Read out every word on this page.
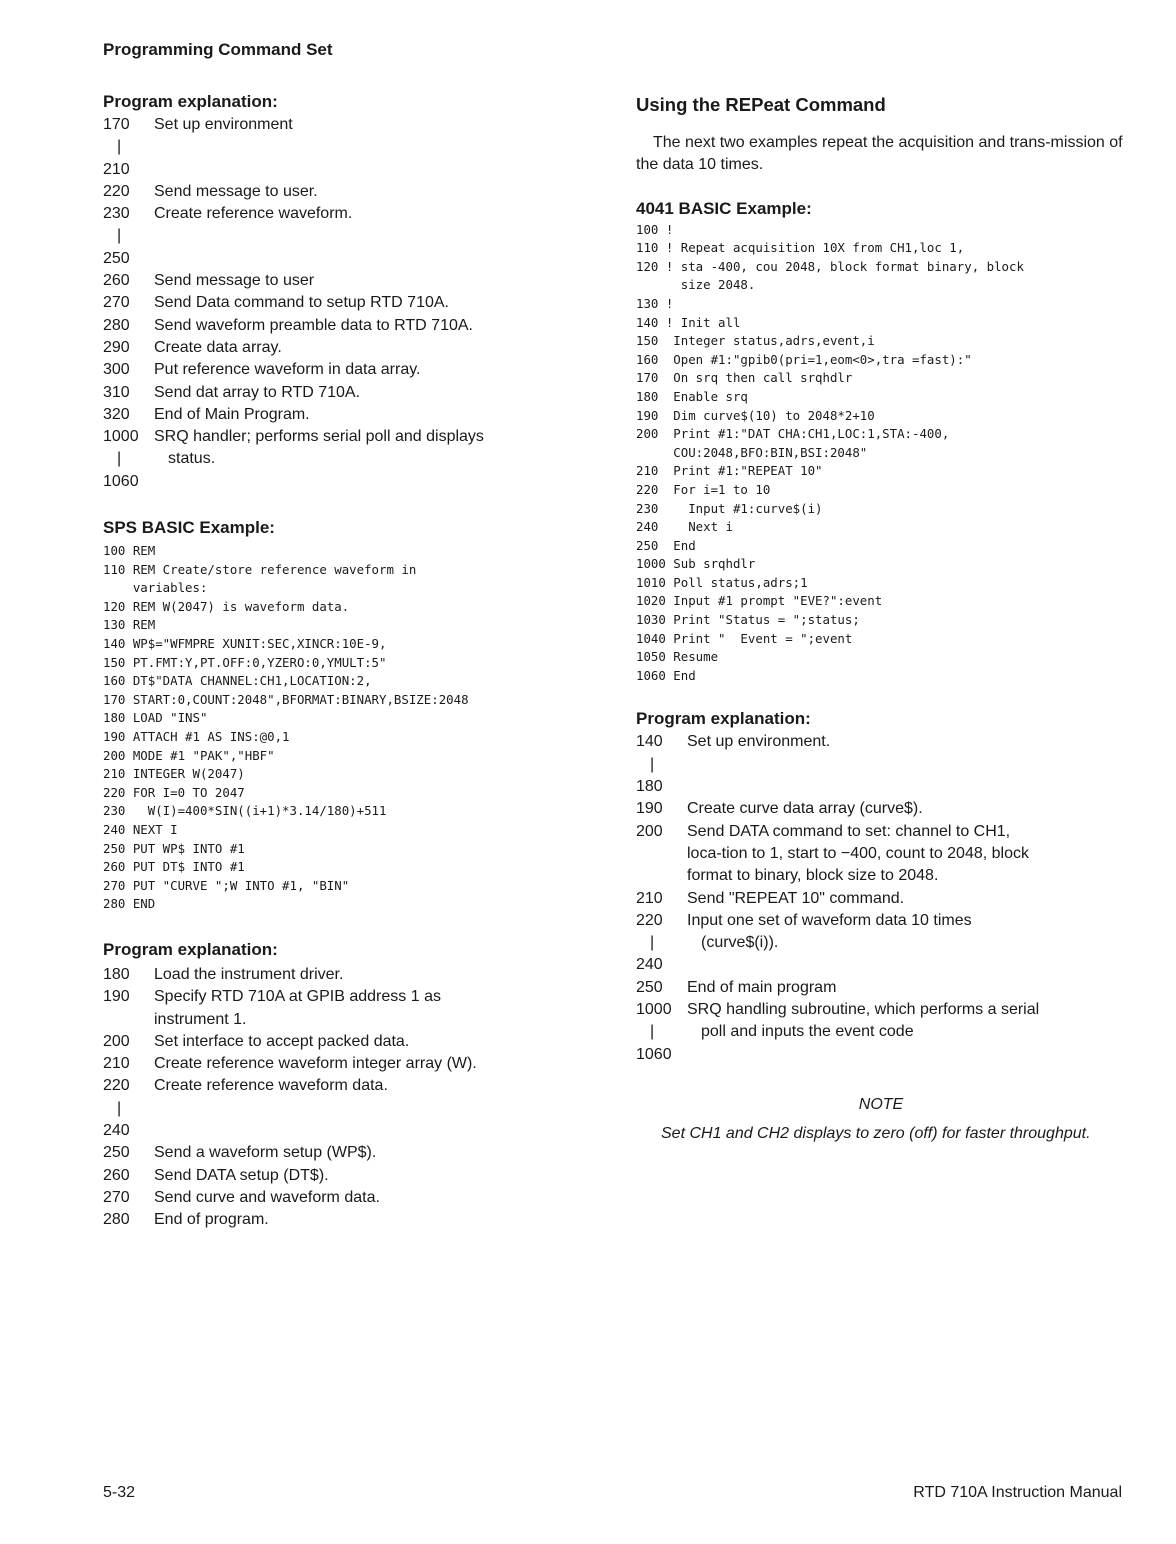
Programming Command Set
Program explanation:
170	Set up environment
|
210
220	Send message to user.
230	Create reference waveform.
|
250
260	Send message to user
270	Send Data command to setup RTD 710A.
280	Send waveform preamble data to RTD 710A.
290	Create data array.
300	Put reference waveform in data array.
310	Send dat array to RTD 710A.
320	End of Main Program.
1000 SRQ handler; performs serial poll and displays
|	status.
1060
SPS BASIC Example:
100 REM
110 REM Create/store reference waveform in
variables:
120 REM W(2047) is waveform data.
130 REM
140 WP$="WFMPRE XUNIT:SEC,XINCR:10E-9,
150 PT.FMT:Y,PT.OFF:0,YZERO:0,YMULT:5"
160 DT$"DATA CHANNEL:CH1,LOCATION:2,
170 START:0,COUNT:2048",BFORMAT:BINARY,BSIZE:2048
180 LOAD "INS"
190 ATTACH #1 AS INS:@0,1
200 MODE #1 "PAK","HBF"
210 INTEGER W(2047)
220 FOR I=0 TO 2047
230   W(I)=400*SIN((i+1)*3.14/180)+511
240 NEXT I
250 PUT WP$ INTO #1
260 PUT DT$ INTO #1
270 PUT "CURVE ";W INTO #1, "BIN"
280 END
Program explanation:
180	Load the instrument driver.
190	Specify RTD 710A at GPIB address 1 as
instrument 1.
200	Set interface to accept packed data.
210	Create reference waveform integer array (W).
220	Create reference waveform data.
|
240
250	Send a waveform setup (WP$).
260	Send DATA setup (DT$).
270	Send curve and waveform data.
280	End of program.
Using the REPeat Command

The next two examples repeat the acquisition and trans-mission of the data 10 times.

4041 BASIC Example:
100 !
110 ! Repeat acquisition 10X from CH1,loc 1,
120 ! sta -400, cou 2048, block format binary, block
size 2048.
130 !
140 ! Init all
150  Integer status,adrs,event,i
160  Open #1:"gpib0(pri=1,eom<0>,tra =fast):"
170  On srq then call srqhdlr
180  Enable srq
190  Dim curve$(10) to 2048*2+10
200  Print #1:"DAT CHA:CH1,LOC:1,STA:-400,
COU:2048,BFO:BIN,BSI:2048"
210  Print #1:"REPEAT 10"
220  For i=1 to 10
230    Input #1:curve$(i)
240    Next i
250  End
1000 Sub srqhdlr
1010 Poll status,adrs;1
1020 Input #1 prompt "EVE?":event
1030 Print "Status = ";status;
1040 Print "  Event = ";event
1050 Resume
1060 End
Program explanation:
140	Set up environment.
|
180
190	Create curve data array (curve$).
200	Send DATA command to set: channel to CH1,
loca-tion to 1, start to −400, count to 2048, block
format to binary, block size to 2048.
210	Send "REPEAT 10" command.
220	Input one set of waveform data 10 times
|	(curve$(i)).
240
250	End of main program
1000 SRQ handling subroutine, which performs a serial
|	poll and inputs the event code
1060

NOTE

Set CH1 and CH2 displays to zero (off) for faster throughput.

5-32	RTD 710A Instruction Manual
